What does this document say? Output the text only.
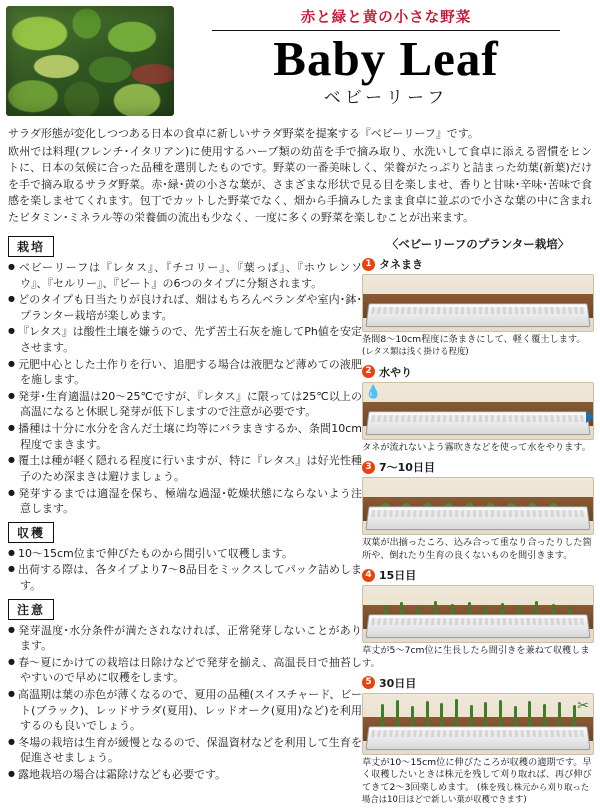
赤と緑と黄の小さな野菜
Baby Leaf
ベビーリーフ

サラダ形態が変化しつつある日本の食卓に新しいサラダ野菜を提案する『ベビーリーフ』です。

欧州では料理(フレンチ･イタリアン)に使用するハーブ類の幼苗を手で摘み取り、水洗いして食卓に添える習慣をヒントに、日本の気候に合った品種を選別したものです。野菜の一番美味しく、栄養がたっぷりと詰まった幼葉(新葉)だけを手で摘み取るサラダ野菜。赤･緑･黄の小さな葉が、さまざまな形状で見る目を楽しませ、香りと甘味･辛味･苦味で食感を楽しませてくれます。包丁でカットした野菜でなく、畑から手摘みしたまま食卓に並ぶので小さな葉の中に含まれたビタミン･ミネラル等の栄養価の流出も少なく、一度に多くの野菜を楽しむことが出来ます。

栽培
● ベビーリーフは『レタス』、『チコリー』、『葉っぱ』、『ホウレンソウ』、『セルリー』、『ビート』の6つのタイプに分類されます。
● どのタイプも日当たりが良ければ、畑はもちろんベランダや室内･鉢･プランター栽培が楽しめます。
● 『レタス』は酸性土壌を嫌うので、先ず苦土石灰を施してPh値を安定させます。
● 元肥中心とした土作りを行い、追肥する場合は液肥など薄めての液肥を施します。
● 発芽･生育適温は20～25℃ですが、『レタス』に限っては25℃以上の高温になると休眠し発芽が低下しますので注意が必要です。
● 播種は十分に水分を含んだ土壌に均等にバラまきするか、条間10cm程度でまきます。
● 覆土は種が軽く隠れる程度に行いますが、特に『レタス』は好光性種子のため深まきは避けましょう。
● 発芽するまでは適湿を保ち、極端な過湿･乾燥状態にならないよう注意します。
収穫
● 10～15cm位まで伸びたものから間引いて収穫します。
● 出荷する際は、各タイプより7～8品目をミックスしてパック詰めします。
注意
● 発芽温度･水分条件が満たされなければ、正常発芽しないことがあります。
● 春～夏にかけての栽培は日除けなどで発芽を揃え、高温長日で抽苔しやすいので早めに収穫をします。
● 高温期は葉の赤色が薄くなるので、夏用の品種(スイスチャード、ビート(ブラック)、レッドサラダ(夏用)、レッドオーク(夏用)など)を利用するのも良いでしょう。
● 冬場の栽培は生育が緩慢となるので、保温資材などを利用して生育を促進させましょう。
● 露地栽培の場合は霜除けなども必要です。
〈ベビーリーフのプランター栽培〉
1 タネまき
条間8～10cm程度に条まきにして、軽く覆土します。 (レタス類は浅く掛ける程度)
2 水やり
💧
タネが流れないよう霧吹きなどを使って水をやります。
3 7～10日目
双葉が出揃ったころ、込み合って重なり合ったりした箇所や、倒れたり生育の良くないものを間引きます。
4 15日目
草丈が5～7cm位に生長したら間引きを兼ねて収穫します。
5 30日目
✂
草丈が10～15cm位に伸びたころが収穫の適期です。早く収穫したいときは株元を残して刈り取れば、再び伸びてきて2～3回楽しめます。 (株を残し株元から刈り取った場合は10日ほどで新しい葉が収穫できます)
